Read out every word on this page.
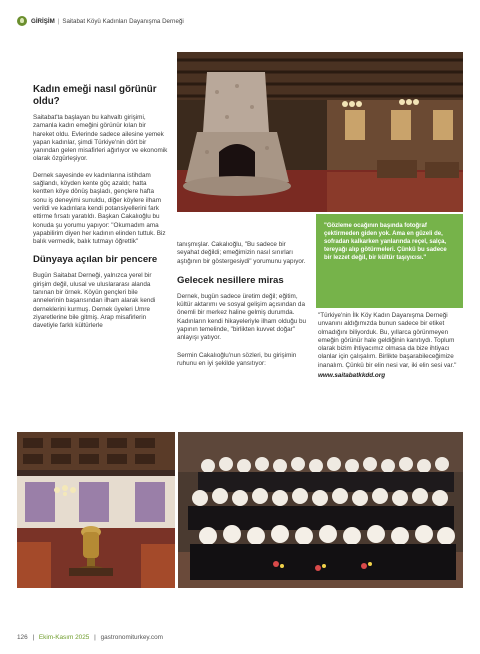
GİRİŞİM | Saitabat Köyü Kadınları Dayanışma Derneği
Kadın emeği nasıl görünür oldu?

Saitabat'ta başlayan bu kahvaltı girişimi, zamanla kadın emeğini görünür kılan bir hareket oldu. Evlerinde sadece ailesine yemek yapan kadınlar, şimdi Türkiye'nin dört bir yanından gelen misafirleri ağırlıyor ve ekonomik olarak özgürleşiyor.

Dernek sayesinde ev kadınlarına istihdam sağlandı, köyden kente göç azaldı; hatta kentten köye dönüş başladı, gençlere hafta sonu iş deneyimi sunuldu, diğer köylere ilham verildi ve kadınlara kendi potansiyellerini fark ettirme fırsatı yaratıldı. Başkan Cakalıoğlu bu konuda şu yorumu yapıyor: "Okumadım ama yapabilirim diyen her kadının elinden tuttuk. Biz balık vermedik, balık tutmayı öğrettik"

Dünyaya açılan bir pencere

Bugün Saitabat Derneği, yalnızca yerel bir girişim değil, ulusal ve uluslararası alanda tanınan bir örnek. Köyün gençleri bile annelerinin başarısından ilham alarak kendi derneklerini kurmuş. Dernek üyeleri Umre ziyaretlerine bile gitmiş. Arap misafirlerin davetiyle farklı kültürlerle

tanışmışlar. Cakalıoğlu, "Bu sadece bir seyahat değildi; emeğimizin nasıl sınırları aştığının bir göstergesiydi" yorumunu yapıyor.

Gelecek nesillere miras

Dernek, bugün sadece üretim değil; eğitim, kültür aktarımı ve sosyal gelişim açısından da önemli bir merkez haline gelmiş durumda. Kadınların kendi hikayeleriyle ilham olduğu bu yapının temelinde, "birlikten kuvvet doğar" anlayışı yatıyor.

Sermin Cakalıoğlu'nun sözleri, bu girişimin ruhunu en iyi şekilde yansıtıyor:

"Gözleme ocağının başında fotoğraf çektirmeden giden yok. Ama en güzeli de, sofradan kalkarken yanlarında reçel, salça, tereyağı alıp götürmeleri. Çünkü bu sadece bir lezzet değil, bir kültür taşıyıcısı."

"Türkiye'nin İlk Köy Kadın Dayanışma Derneği unvanını aldığımızda bunun sadece bir etiket olmadığını biliyorduk. Bu, yıllarca görünmeyen emeğin görünür hale geldiğinin kanıtıydı. Toplum olarak bizim ihtiyacımız olmasa da bize ihtiyacı olanlar için çalışalım. Birlikte başarabileceğimize inanalım. Çünkü bir elin nesi var, iki elin sesi var."

www.saitabatkkdd.org
126 | Ekim-Kasım 2025 | gastronomiturkey.com
